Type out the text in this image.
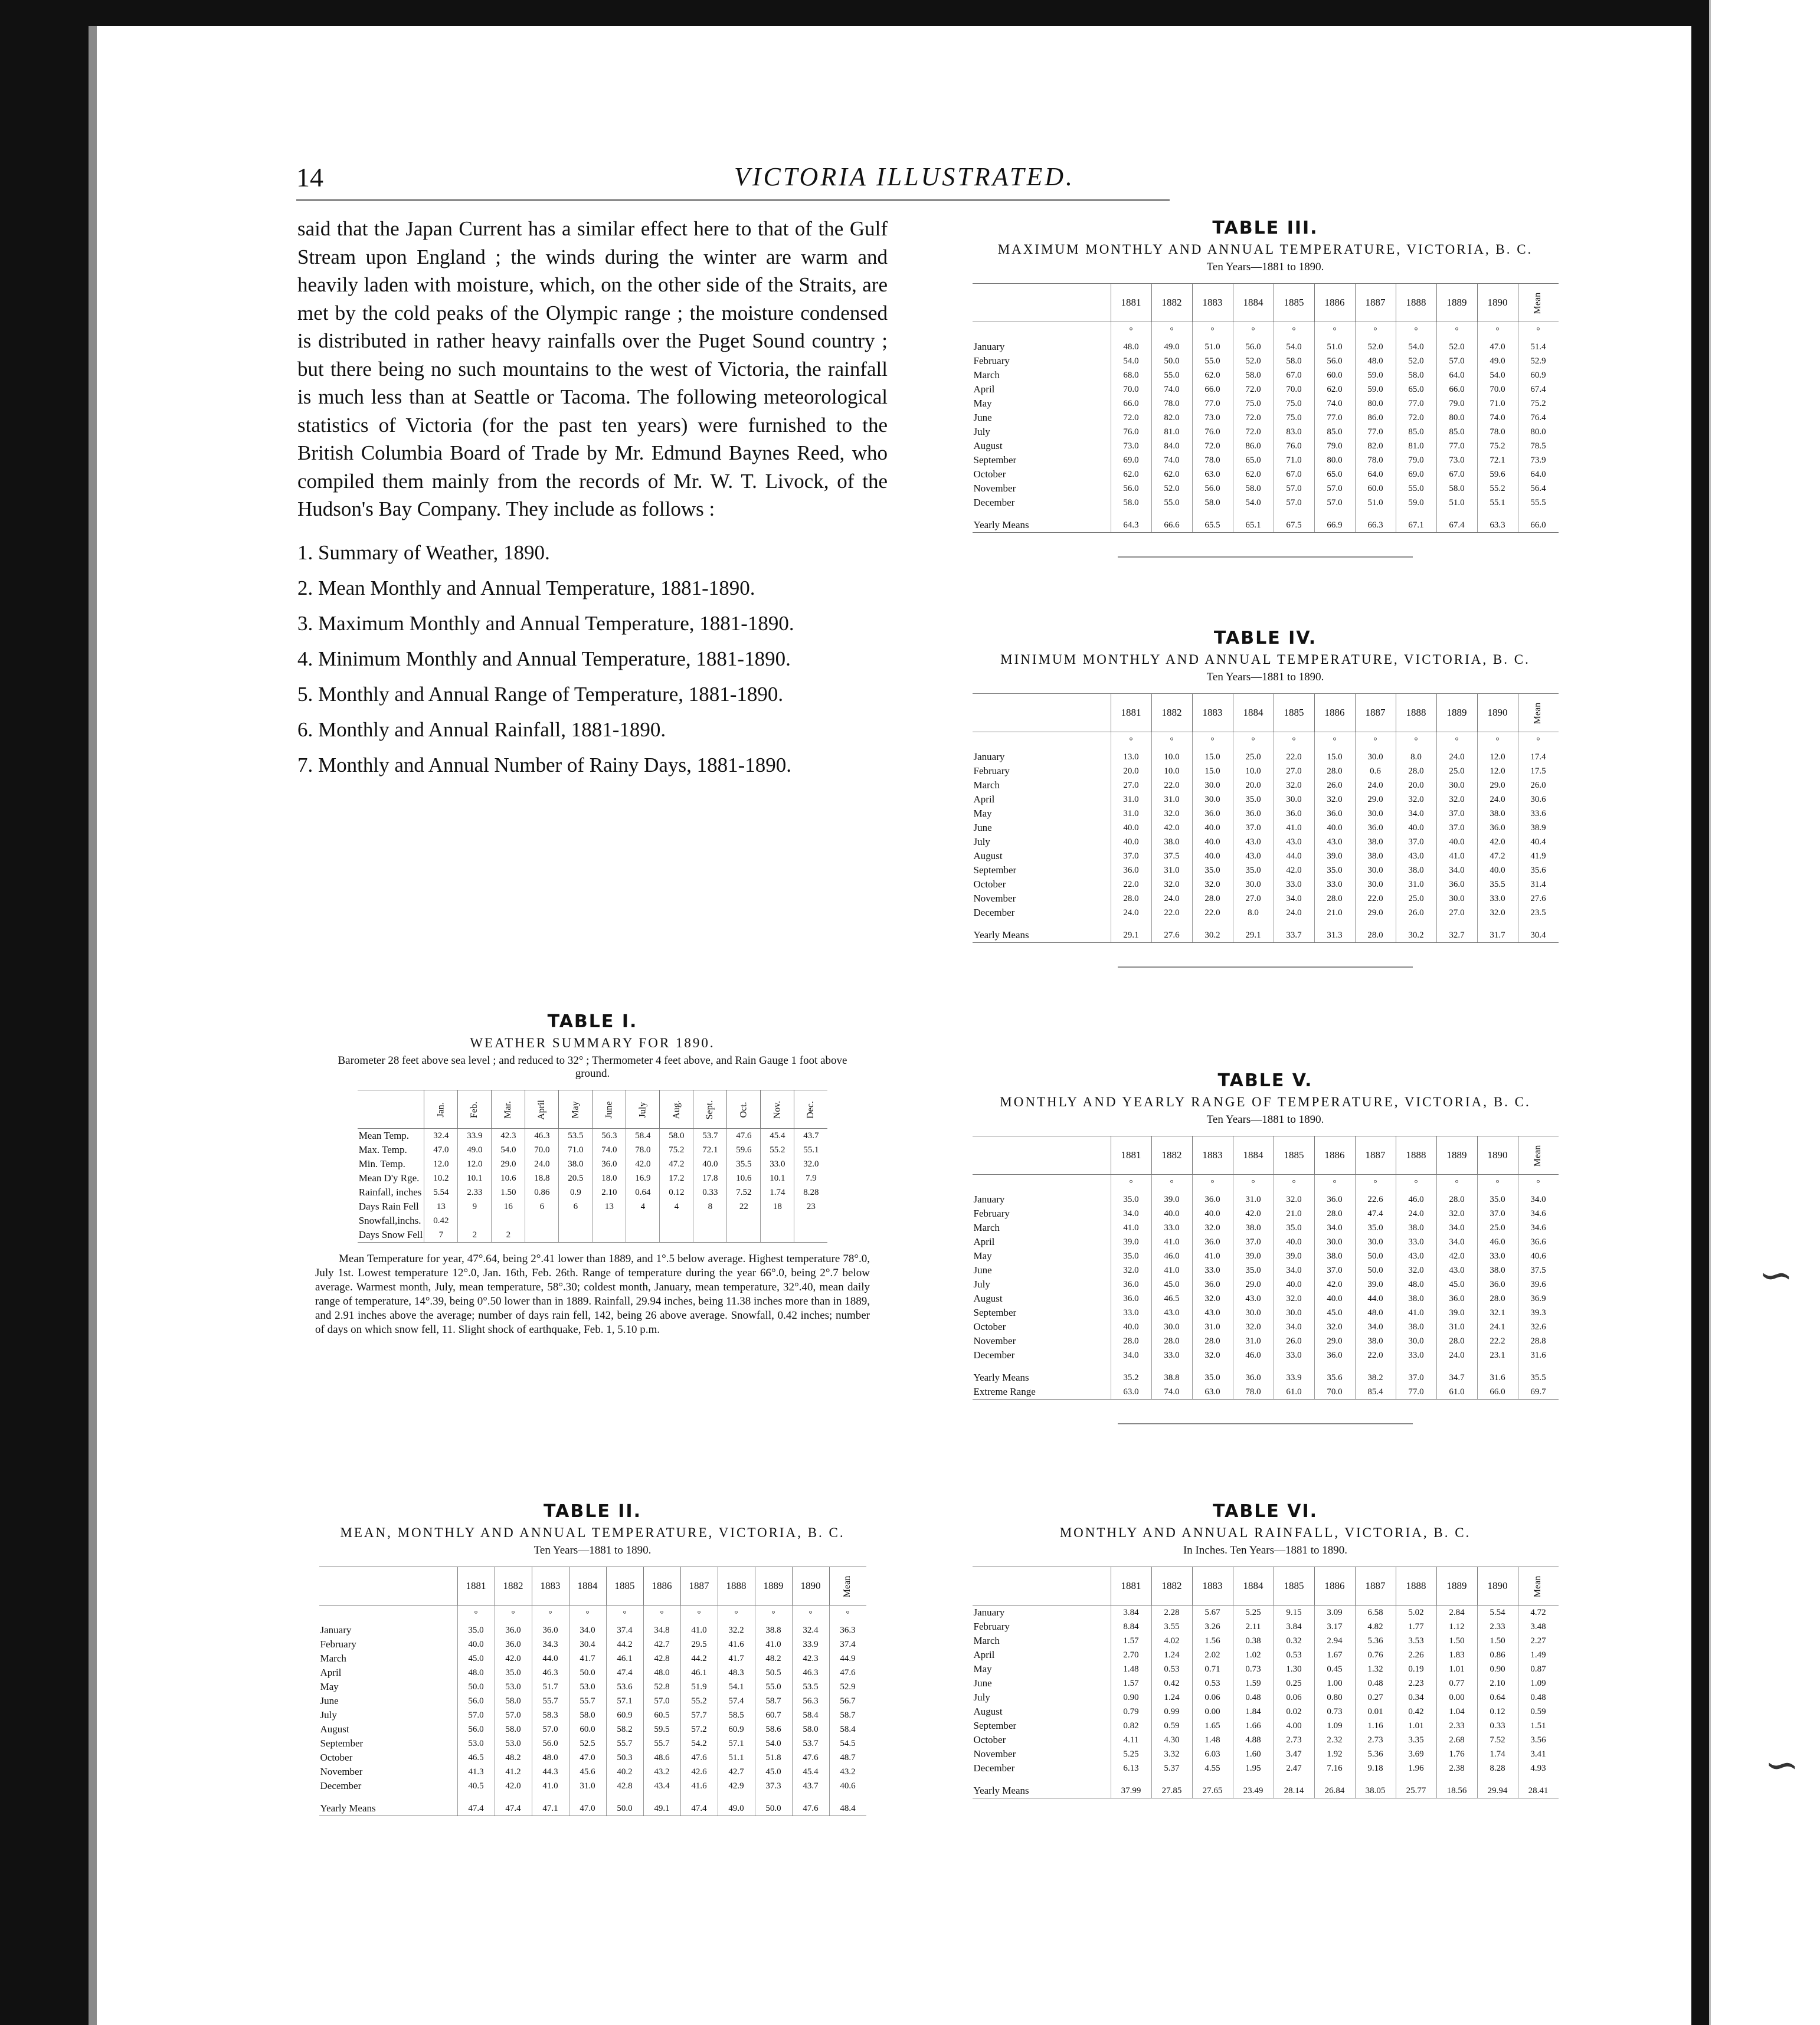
∽
∽
14	VICTORIA ILLUSTRATED.

said that the Japan Current has a similar effect here to that of the Gulf Stream upon England ; the winds during the winter are warm and heavily laden with moisture, which, on the other side of the Straits, are met by the cold peaks of the Olympic range ; the moisture condensed is distributed in rather heavy rainfalls over the Puget Sound country ; but there being no such mountains to the west of Victoria, the rainfall is much less than at Seattle or Tacoma. The following meteorological statistics of Victoria (for the past ten years) were furnished to the British Columbia Board of Trade by Mr. Edmund Baynes Reed, who compiled them mainly from the records of Mr. W. T. Livock, of the Hudson's Bay Company. They include as follows :

1. Summary of Weather, 1890.

2. Mean Monthly and Annual Temperature, 1881-1890.

3. Maximum Monthly and Annual Temperature, 1881-1890.

4. Minimum Monthly and Annual Temperature, 1881-1890.

5. Monthly and Annual Range of Temperature, 1881-1890.

6. Monthly and Annual Rainfall, 1881-1890.

7. Monthly and Annual Number of Rainy Days, 1881-1890.

TABLE I.
WEATHER SUMMARY FOR 1890.
Barometer 28 feet above sea level ; and reduced to 32° ; Thermometer 4 feet above, and Rain Gauge 1 foot above ground.
	Jan.	Feb.	Mar.	April	May	June	July	Aug.	Sept.	Oct.	Nov.	Dec.
Mean Temp.	32.4	33.9	42.3	46.3	53.5	56.3	58.4	58.0	53.7	47.6	45.4	43.7
Max. Temp.	47.0	49.0	54.0	70.0	71.0	74.0	78.0	75.2	72.1	59.6	55.2	55.1
Min. Temp.	12.0	12.0	29.0	24.0	38.0	36.0	42.0	47.2	40.0	35.5	33.0	32.0
Mean D'y Rge.	10.2	10.1	10.6	18.8	20.5	18.0	16.9	17.2	17.8	10.6	10.1	7.9
Rainfall, inches	5.54	2.33	1.50	0.86	0.9	2.10	0.64	0.12	0.33	7.52	1.74	8.28
Days Rain Fell	13	9	16	6	6	13	4	4	8	22	18	23
Snowfall,inchs.	0.42											
Days Snow Fell	7	2	2									

Mean Temperature for year, 47°.64, being 2°.41 lower than 1889, and 1°.5 below average. Highest temperature 78°.0, July 1st. Lowest temperature 12°.0, Jan. 16th, Feb. 26th. Range of temperature during the year 66°.0, being 2°.7 below average. Warmest month, July, mean temperature, 58°.30; coldest month, January, mean temperature, 32°.40, mean daily range of temperature, 14°.39, being 0°.50 lower than in 1889. Rainfall, 29.94 inches, being 11.38 inches more than in 1889, and 2.91 inches above the average; number of days rain fell, 142, being 26 above average. Snowfall, 0.42 inches; number of days on which snow fell, 11. Slight shock of earthquake, Feb. 1, 5.10 p.m.

TABLE II.
MEAN, MONTHLY AND ANNUAL TEMPERATURE, VICTORIA, B. C.
Ten Years—1881 to 1890.
	1881	1882	1883	1884	1885	1886	1887	1888	1889	1890	Mean
	°	°	°	°	°	°	°	°	°	°	°
January	35.0	36.0	36.0	34.0	37.4	34.8	41.0	32.2	38.8	32.4	36.3
February	40.0	36.0	34.3	30.4	44.2	42.7	29.5	41.6	41.0	33.9	37.4
March	45.0	42.0	44.0	41.7	46.1	42.8	44.2	41.7	48.2	42.3	44.9
April	48.0	35.0	46.3	50.0	47.4	48.0	46.1	48.3	50.5	46.3	47.6
May	50.0	53.0	51.7	53.0	53.6	52.8	51.9	54.1	55.0	53.5	52.9
June	56.0	58.0	55.7	55.7	57.1	57.0	55.2	57.4	58.7	56.3	56.7
July	57.0	57.0	58.3	58.0	60.9	60.5	57.7	58.5	60.7	58.4	58.7
August	56.0	58.0	57.0	60.0	58.2	59.5	57.2	60.9	58.6	58.0	58.4
September	53.0	53.0	56.0	52.5	55.7	55.7	54.2	57.1	54.0	53.7	54.5
October	46.5	48.2	48.0	47.0	50.3	48.6	47.6	51.1	51.8	47.6	48.7
November	41.3	41.2	44.3	45.6	40.2	43.2	42.6	42.7	45.0	45.4	43.2
December	40.5	42.0	41.0	31.0	42.8	43.4	41.6	42.9	37.3	43.7	40.6
Yearly Means	47.4	47.4	47.1	47.0	50.0	49.1	47.4	49.0	50.0	47.6	48.4
TABLE III.
MAXIMUM MONTHLY AND ANNUAL TEMPERATURE, VICTORIA, B. C.
Ten Years—1881 to 1890.
	1881	1882	1883	1884	1885	1886	1887	1888	1889	1890	Mean
	°	°	°	°	°	°	°	°	°	°	°
January	48.0	49.0	51.0	56.0	54.0	51.0	52.0	54.0	52.0	47.0	51.4
February	54.0	50.0	55.0	52.0	58.0	56.0	48.0	52.0	57.0	49.0	52.9
March	68.0	55.0	62.0	58.0	67.0	60.0	59.0	58.0	64.0	54.0	60.9
April	70.0	74.0	66.0	72.0	70.0	62.0	59.0	65.0	66.0	70.0	67.4
May	66.0	78.0	77.0	75.0	75.0	74.0	80.0	77.0	79.0	71.0	75.2
June	72.0	82.0	73.0	72.0	75.0	77.0	86.0	72.0	80.0	74.0	76.4
July	76.0	81.0	76.0	72.0	83.0	85.0	77.0	85.0	85.0	78.0	80.0
August	73.0	84.0	72.0	86.0	76.0	79.0	82.0	81.0	77.0	75.2	78.5
September	69.0	74.0	78.0	65.0	71.0	80.0	78.0	79.0	73.0	72.1	73.9
October	62.0	62.0	63.0	62.0	67.0	65.0	64.0	69.0	67.0	59.6	64.0
November	56.0	52.0	56.0	58.0	57.0	57.0	60.0	55.0	58.0	55.2	56.4
December	58.0	55.0	58.0	54.0	57.0	57.0	51.0	59.0	51.0	55.1	55.5
Yearly Means	64.3	66.6	65.5	65.1	67.5	66.9	66.3	67.1	67.4	63.3	66.0
TABLE IV.
MINIMUM MONTHLY AND ANNUAL TEMPERATURE, VICTORIA, B. C.
Ten Years—1881 to 1890.
	1881	1882	1883	1884	1885	1886	1887	1888	1889	1890	Mean
	°	°	°	°	°	°	°	°	°	°	°
January	13.0	10.0	15.0	25.0	22.0	15.0	30.0	8.0	24.0	12.0	17.4
February	20.0	10.0	15.0	10.0	27.0	28.0	0.6	28.0	25.0	12.0	17.5
March	27.0	22.0	30.0	20.0	32.0	26.0	24.0	20.0	30.0	29.0	26.0
April	31.0	31.0	30.0	35.0	30.0	32.0	29.0	32.0	32.0	24.0	30.6
May	31.0	32.0	36.0	36.0	36.0	36.0	30.0	34.0	37.0	38.0	33.6
June	40.0	42.0	40.0	37.0	41.0	40.0	36.0	40.0	37.0	36.0	38.9
July	40.0	38.0	40.0	43.0	43.0	43.0	38.0	37.0	40.0	42.0	40.4
August	37.0	37.5	40.0	43.0	44.0	39.0	38.0	43.0	41.0	47.2	41.9
September	36.0	31.0	35.0	35.0	42.0	35.0	30.0	38.0	34.0	40.0	35.6
October	22.0	32.0	32.0	30.0	33.0	33.0	30.0	31.0	36.0	35.5	31.4
November	28.0	24.0	28.0	27.0	34.0	28.0	22.0	25.0	30.0	33.0	27.6
December	24.0	22.0	22.0	8.0	24.0	21.0	29.0	26.0	27.0	32.0	23.5
Yearly Means	29.1	27.6	30.2	29.1	33.7	31.3	28.0	30.2	32.7	31.7	30.4
TABLE V.
MONTHLY AND YEARLY RANGE OF TEMPERATURE, VICTORIA, B. C.
Ten Years—1881 to 1890.
	1881	1882	1883	1884	1885	1886	1887	1888	1889	1890	Mean
	°	°	°	°	°	°	°	°	°	°	°
January	35.0	39.0	36.0	31.0	32.0	36.0	22.6	46.0	28.0	35.0	34.0
February	34.0	40.0	40.0	42.0	21.0	28.0	47.4	24.0	32.0	37.0	34.6
March	41.0	33.0	32.0	38.0	35.0	34.0	35.0	38.0	34.0	25.0	34.6
April	39.0	41.0	36.0	37.0	40.0	30.0	30.0	33.0	34.0	46.0	36.6
May	35.0	46.0	41.0	39.0	39.0	38.0	50.0	43.0	42.0	33.0	40.6
June	32.0	41.0	33.0	35.0	34.0	37.0	50.0	32.0	43.0	38.0	37.5
July	36.0	45.0	36.0	29.0	40.0	42.0	39.0	48.0	45.0	36.0	39.6
August	36.0	46.5	32.0	43.0	32.0	40.0	44.0	38.0	36.0	28.0	36.9
September	33.0	43.0	43.0	30.0	30.0	45.0	48.0	41.0	39.0	32.1	39.3
October	40.0	30.0	31.0	32.0	34.0	32.0	34.0	38.0	31.0	24.1	32.6
November	28.0	28.0	28.0	31.0	26.0	29.0	38.0	30.0	28.0	22.2	28.8
December	34.0	33.0	32.0	46.0	33.0	36.0	22.0	33.0	24.0	23.1	31.6
Yearly Means	35.2	38.8	35.0	36.0	33.9	35.6	38.2	37.0	34.7	31.6	35.5
Extreme Range	63.0	74.0	63.0	78.0	61.0	70.0	85.4	77.0	61.0	66.0	69.7
TABLE VI.
MONTHLY AND ANNUAL RAINFALL, VICTORIA, B. C.
In Inches. Ten Years—1881 to 1890.
	1881	1882	1883	1884	1885	1886	1887	1888	1889	1890	Mean
January	3.84	2.28	5.67	5.25	9.15	3.09	6.58	5.02	2.84	5.54	4.72
February	8.84	3.55	3.26	2.11	3.84	3.17	4.82	1.77	1.12	2.33	3.48
March	1.57	4.02	1.56	0.38	0.32	2.94	5.36	3.53	1.50	1.50	2.27
April	2.70	1.24	2.02	1.02	0.53	1.67	0.76	2.26	1.83	0.86	1.49
May	1.48	0.53	0.71	0.73	1.30	0.45	1.32	0.19	1.01	0.90	0.87
June	1.57	0.42	0.53	1.59	0.25	1.00	0.48	2.23	0.77	2.10	1.09
July	0.90	1.24	0.06	0.48	0.06	0.80	0.27	0.34	0.00	0.64	0.48
August	0.79	0.99	0.00	1.84	0.02	0.73	0.01	0.42	1.04	0.12	0.59
September	0.82	0.59	1.65	1.66	4.00	1.09	1.16	1.01	2.33	0.33	1.51
October	4.11	4.30	1.48	4.88	2.73	2.32	2.73	3.35	2.68	7.52	3.56
November	5.25	3.32	6.03	1.60	3.47	1.92	5.36	3.69	1.76	1.74	3.41
December	6.13	5.37	4.55	1.95	2.47	7.16	9.18	1.96	2.38	8.28	4.93
Yearly Means	37.99	27.85	27.65	23.49	28.14	26.84	38.05	25.77	18.56	29.94	28.41
